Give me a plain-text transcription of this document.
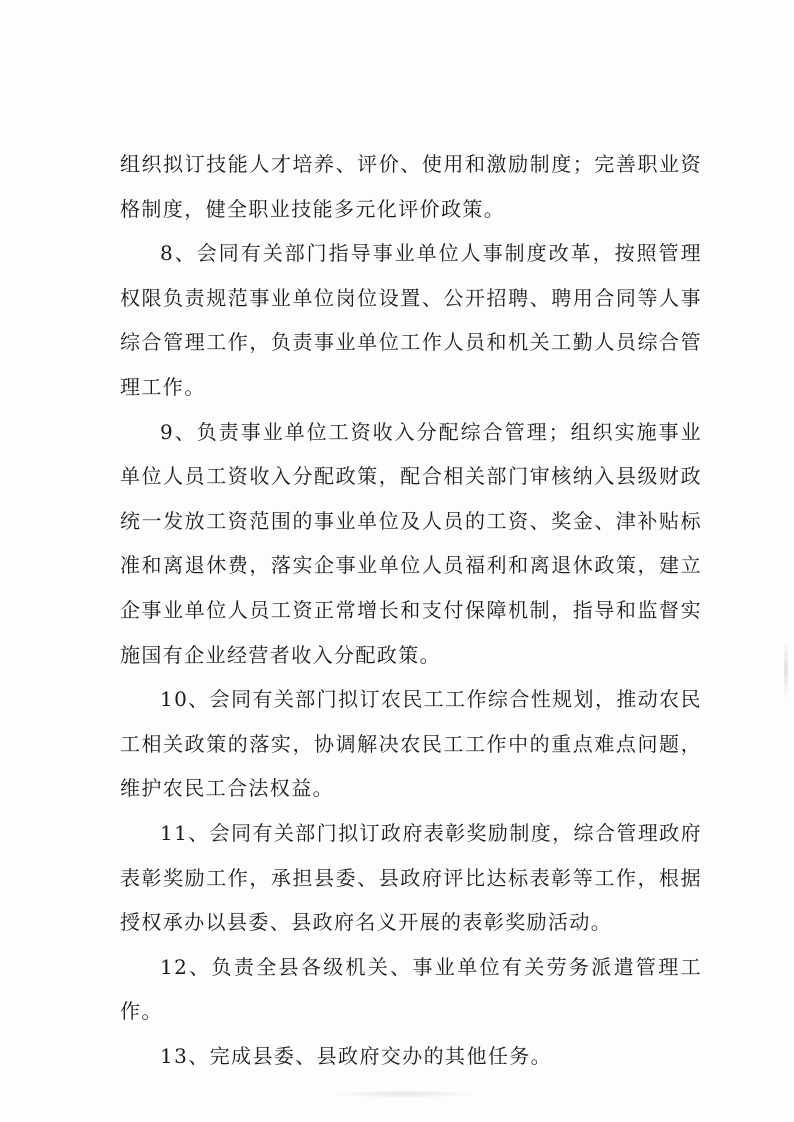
组织拟订技能人才培养、评价、使用和激励制度；完善职业资格制度，健全职业技能多元化评价政策。

8、会同有关部门指导事业单位人事制度改革，按照管理权限负责规范事业单位岗位设置、公开招聘、聘用合同等人事综合管理工作，负责事业单位工作人员和机关工勤人员综合管理工作。

9、负责事业单位工资收入分配综合管理；组织实施事业单位人员工资收入分配政策，配合相关部门审核纳入县级财政统一发放工资范围的事业单位及人员的工资、奖金、津补贴标准和离退休费，落实企事业单位人员福利和离退休政策，建立企事业单位人员工资正常增长和支付保障机制，指导和监督实施国有企业经营者收入分配政策。

10、会同有关部门拟订农民工工作综合性规划，推动农民工相关政策的落实，协调解决农民工工作中的重点难点问题，维护农民工合法权益。

11、会同有关部门拟订政府表彰奖励制度，综合管理政府表彰奖励工作，承担县委、县政府评比达标表彰等工作，根据授权承办以县委、县政府名义开展的表彰奖励活动。

12、负责全县各级机关、事业单位有关劳务派遣管理工作。

13、完成县委、县政府交办的其他任务。
